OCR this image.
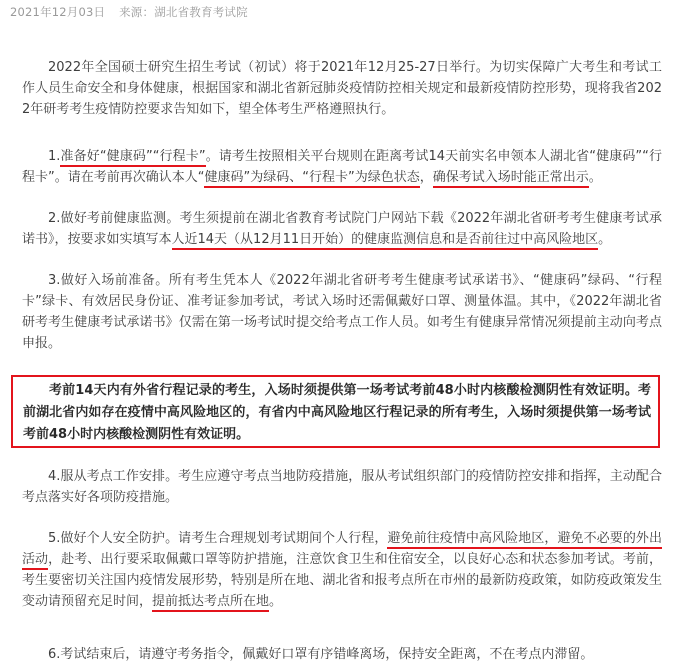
2021年12月03日 来源：湖北省教育考试院

2022年全国硕士研究生招生考试（初试）将于2021年12月25-27日举行。为切实保障广大考生和考试工作人员生命安全和身体健康，根据国家和湖北省新冠肺炎疫情防控相关规定和最新疫情防控形势，现将我省2022年研考考生疫情防控要求告知如下，望全体考生严格遵照执行。

1.准备好“健康码”“行程卡”。请考生按照相关平台规则在距离考试14天前实名申领本人湖北省“健康码”“行程卡”。请在考前再次确认本人“健康码”为绿码、“行程卡”为绿色状态，确保考试入场时能正常出示。

2.做好考前健康监测。考生须提前在湖北省教育考试院门户网站下载《2022年湖北省研考考生健康考试承诺书》，按要求如实填写本人近14天（从12月11日开始）的健康监测信息和是否前往过中高风险地区。

3.做好入场前准备。所有考生凭本人《2022年湖北省研考考生健康考试承诺书》、“健康码”绿码、“行程卡”绿卡、有效居民身份证、准考证参加考试，考试入场时还需佩戴好口罩、测量体温。其中，《2022年湖北省研考考生健康考试承诺书》仅需在第一场考试时提交给考点工作人员。如考生有健康异常情况须提前主动向考点申报。

考前14天内有外省行程记录的考生，入场时须提供第一场考试考前48小时内核酸检测阴性有效证明。考前湖北省内如存在疫情中高风险地区的，有省内中高风险地区行程记录的所有考生，入场时须提供第一场考试考前48小时内核酸检测阴性有效证明。

4.服从考点工作安排。考生应遵守考点当地防疫措施，服从考试组织部门的疫情防控安排和指挥，主动配合考点落实好各项防疫措施。

5.做好个人安全防护。请考生合理规划考试期间个人行程，避免前往疫情中高风险地区，避免不必要的外出活动，赴考、出行要采取佩戴口罩等防护措施，注意饮食卫生和住宿安全，以良好心态和状态参加考试。考前，考生要密切关注国内疫情发展形势，特别是所在地、湖北省和报考点所在市州的最新防疫政策，如防疫政策发生变动请预留充足时间，提前抵达考点所在地。

6.考试结束后，请遵守考务指令，佩戴好口罩有序错峰离场，保持安全距离，不在考点内滞留。
